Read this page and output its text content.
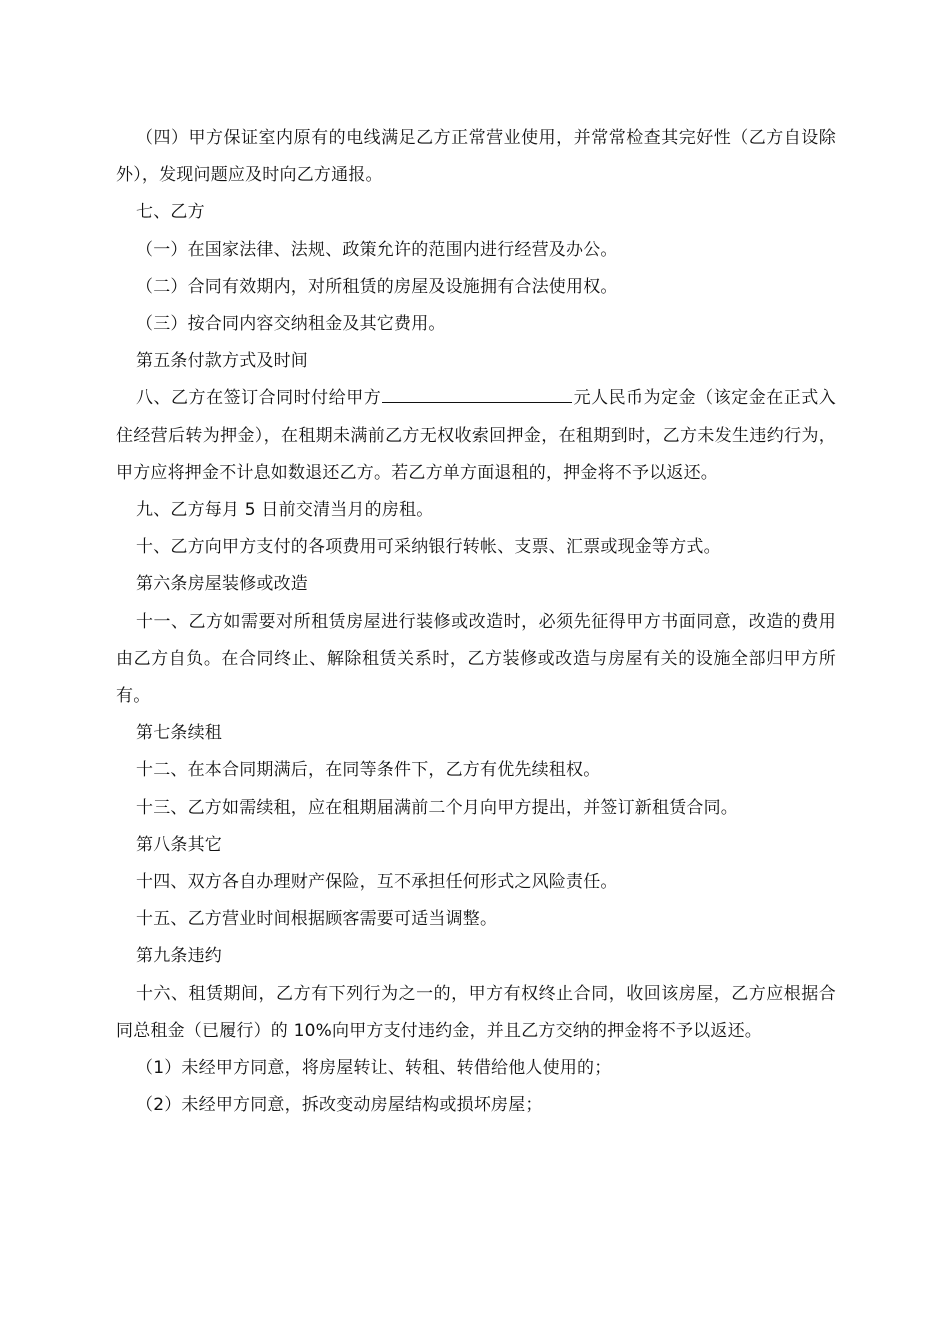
（四）甲方保证室内原有的电线满足乙方正常营业使用，并常常检查其完好性（乙方自设除外），发现问题应及时向乙方通报。

七、乙方

（一）在国家法律、法规、政策允许的范围内进行经营及办公。

（二）合同有效期内，对所租赁的房屋及设施拥有合法使用权。

（三）按合同内容交纳租金及其它费用。

第五条付款方式及时间

八、乙方在签订合同时付给甲方	元人民币为定金（该定金在正式入住经营后转为押金），在租期未满前乙方无权收索回押金，在租期到时，乙方未发生违约行为，甲方应将押金不计息如数退还乙方。若乙方单方面退租的，押金将不予以返还。

九、乙方每月 5 日前交清当月的房租。

十、乙方向甲方支付的各项费用可采纳银行转帐、支票、汇票或现金等方式。

第六条房屋装修或改造

十一、乙方如需要对所租赁房屋进行装修或改造时，必须先征得甲方书面同意，改造的费用由乙方自负。在合同终止、解除租赁关系时，乙方装修或改造与房屋有关的设施全部归甲方所有。

第七条续租

十二、在本合同期满后，在同等条件下，乙方有优先续租权。

十三、乙方如需续租，应在租期届满前二个月向甲方提出，并签订新租赁合同。

第八条其它

十四、双方各自办理财产保险，互不承担任何形式之风险责任。

十五、乙方营业时间根据顾客需要可适当调整。

第九条违约

十六、租赁期间，乙方有下列行为之一的，甲方有权终止合同，收回该房屋，乙方应根据合同总租金（已履行）的 10%向甲方支付违约金，并且乙方交纳的押金将不予以返还。

（1）未经甲方同意，将房屋转让、转租、转借给他人使用的；

（2）未经甲方同意，拆改变动房屋结构或损坏房屋；
